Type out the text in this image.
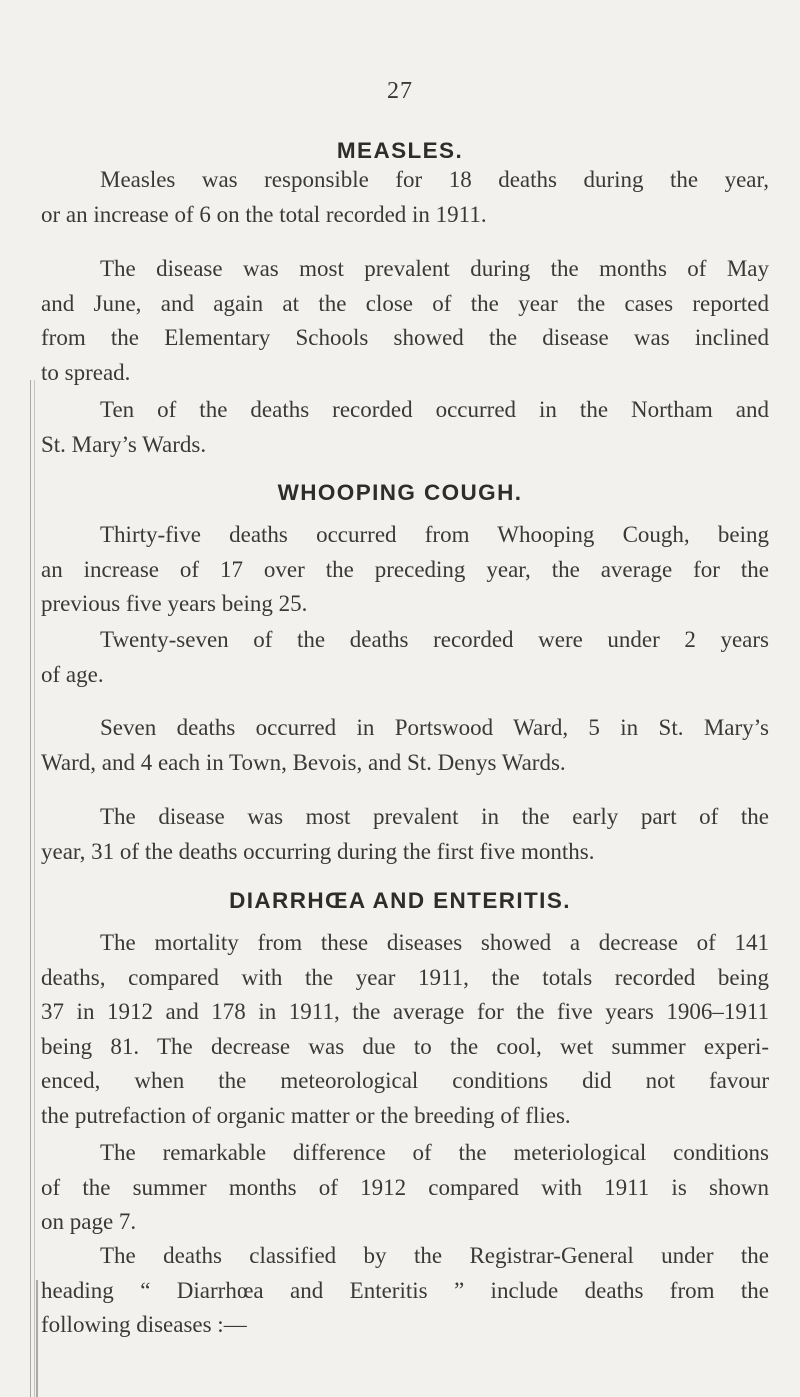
27
MEASLES.
Measles was responsible for 18 deaths during the year,
or an increase of 6 on the total recorded in 1911.
The disease was most prevalent during the months of May
and June, and again at the close of the year the cases reported
from the Elementary Schools showed the disease was inclined
to spread.
Ten of the deaths recorded occurred in the Northam and
St. Mary’s Wards.
WHOOPING COUGH.
Thirty-five deaths occurred from Whooping Cough, being
an increase of 17 over the preceding year, the average for the
previous five years being 25.
Twenty-seven of the deaths recorded were under 2 years
of age.
Seven deaths occurred in Portswood Ward, 5 in St. Mary’s
Ward, and 4 each in Town, Bevois, and St. Denys Wards.
The disease was most prevalent in the early part of the
year, 31 of the deaths occurring during the first five months.
DIARRHŒA AND ENTERITIS.
The mortality from these diseases showed a decrease of 141
deaths, compared with the year 1911, the totals recorded being
37 in 1912 and 178 in 1911, the average for the five years 1906–1911
being 81. The decrease was due to the cool, wet summer experi-
enced, when the meteorological conditions did not favour
the putrefaction of organic matter or the breeding of flies.
The remarkable difference of the meteriological conditions
of the summer months of 1912 compared with 1911 is shown
on page 7.
The deaths classified by the Registrar-General under the
heading “ Diarrhœa and Enteritis ” include deaths from the
following diseases :—
